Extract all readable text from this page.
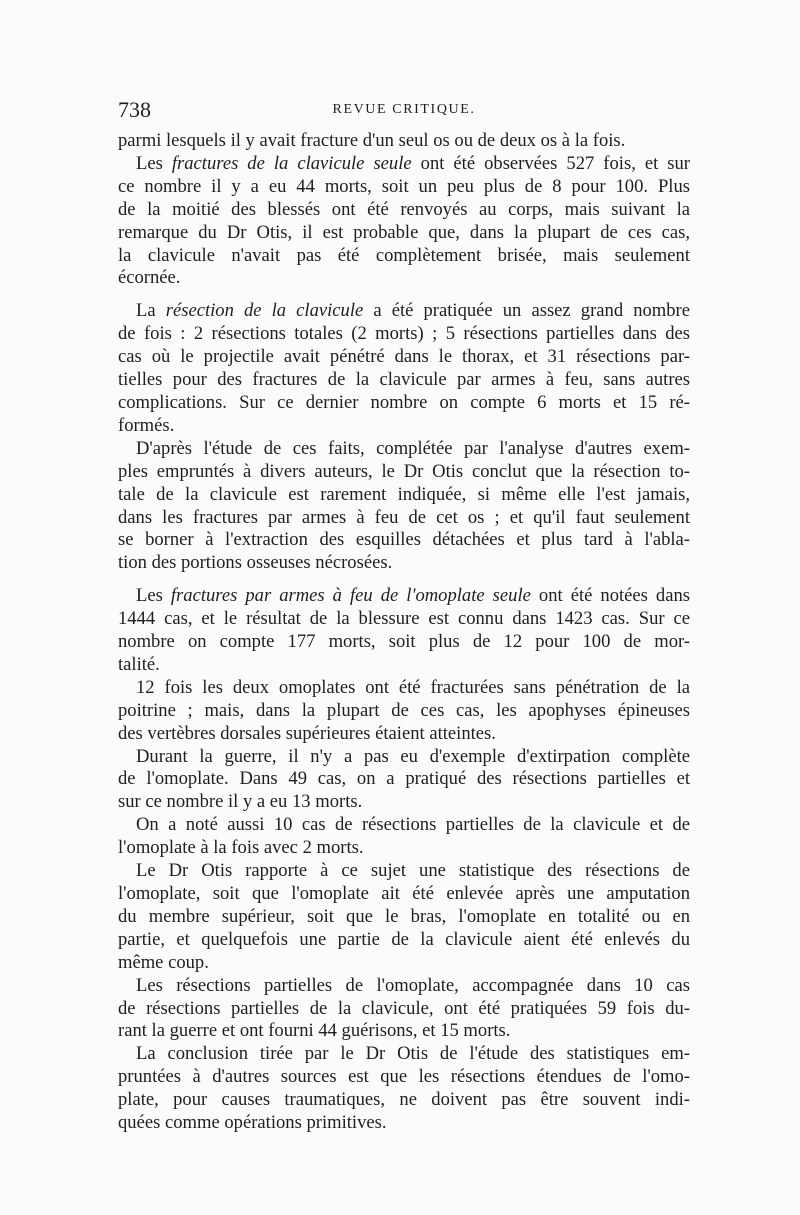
738	REVUE CRITIQUE.

parmi lesquels il y avait fracture d'un seul os ou de deux os à la fois.

Les fractures de la clavicule seule ont été observées 527 fois, et sur
ce nombre il y a eu 44 morts, soit un peu plus de 8 pour 100. Plus
de la moitié des blessés ont été renvoyés au corps, mais suivant la
remarque du Dr Otis, il est probable que, dans la plupart de ces cas,
la clavicule n'avait pas été complètement brisée, mais seulement
écornée.

La résection de la clavicule a été pratiquée un assez grand nombre
de fois : 2 résections totales (2 morts) ; 5 résections partielles dans des
cas où le projectile avait pénétré dans le thorax, et 31 résections par-
tielles pour des fractures de la clavicule par armes à feu, sans autres
complications. Sur ce dernier nombre on compte 6 morts et 15 ré-
formés.

D'après l'étude de ces faits, complétée par l'analyse d'autres exem-
ples empruntés à divers auteurs, le Dr Otis conclut que la résection to-
tale de la clavicule est rarement indiquée, si même elle l'est jamais,
dans les fractures par armes à feu de cet os ; et qu'il faut seulement
se borner à l'extraction des esquilles détachées et plus tard à l'abla-
tion des portions osseuses nécrosées.

Les fractures par armes à feu de l'omoplate seule ont été notées dans
1444 cas, et le résultat de la blessure est connu dans 1423 cas. Sur ce
nombre on compte 177 morts, soit plus de 12 pour 100 de mor-
talité.

12 fois les deux omoplates ont été fracturées sans pénétration de la
poitrine ; mais, dans la plupart de ces cas, les apophyses épineuses
des vertèbres dorsales supérieures étaient atteintes.

Durant la guerre, il n'y a pas eu d'exemple d'extirpation complète
de l'omoplate. Dans 49 cas, on a pratiqué des résections partielles et
sur ce nombre il y a eu 13 morts.

On a noté aussi 10 cas de résections partielles de la clavicule et de
l'omoplate à la fois avec 2 morts.

Le Dr Otis rapporte à ce sujet une statistique des résections de
l'omoplate, soit que l'omoplate ait été enlevée après une amputation
du membre supérieur, soit que le bras, l'omoplate en totalité ou en
partie, et quelquefois une partie de la clavicule aient été enlevés du
même coup.

Les résections partielles de l'omoplate, accompagnée dans 10 cas
de résections partielles de la clavicule, ont été pratiquées 59 fois du-
rant la guerre et ont fourni 44 guérisons, et 15 morts.

La conclusion tirée par le Dr Otis de l'étude des statistiques em-
pruntées à d'autres sources est que les résections étendues de l'omo-
plate, pour causes traumatiques, ne doivent pas être souvent indi-
quées comme opérations primitives.
